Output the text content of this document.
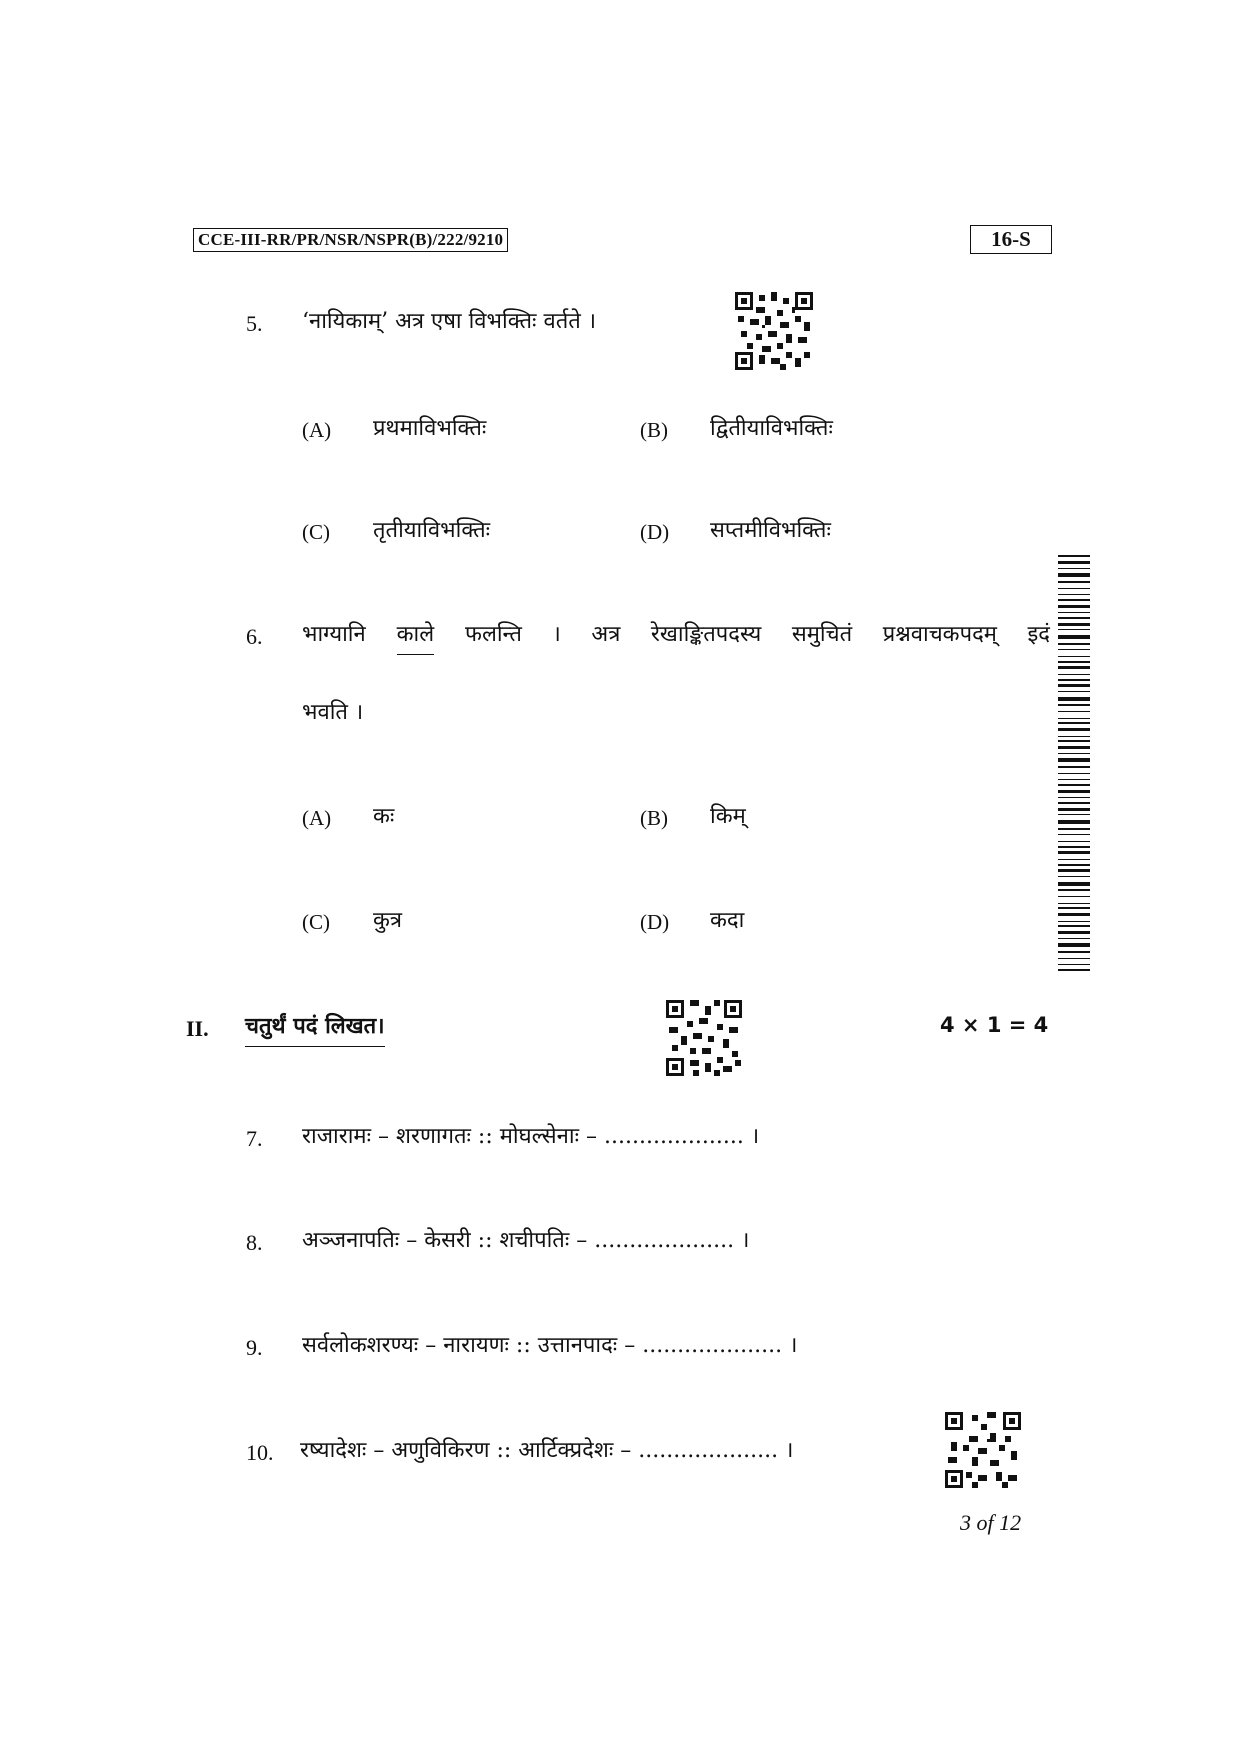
CCE-III-RR/PR/NSR/NSPR(B)/222/9210	16-S
5. ‘नायिकाम्’ अत्र एषा विभक्तिः वर्तते ।
(A) प्रथमाविभक्तिः	(B) द्वितीयाविभक्तिः
(C) तृतीयाविभक्तिः	(D) सप्तमीविभक्तिः
6. भाग्यानि काले फलन्ति । अत्र रेखाङ्कितपदस्य समुचितं प्रश्नवाचकपदम् इदं
भवति ।
(A) कः	(B) किम्
(C) कुत्र	(D) कदा
II. चतुर्थं पदं लिखत।	4 × 1 = 4
7. राजारामः – शरणागतः :: मोघल्सेनाः – .................... ।
8. अञ्जनापतिः – केसरी :: शचीपतिः – .................... ।
9. सर्वलोकशरण्यः – नारायणः :: उत्तानपादः – .................... ।
10. रष्यादेशः – अणुविकिरण :: आर्टिक्प्रदेशः – .................... ।
3 of 12
